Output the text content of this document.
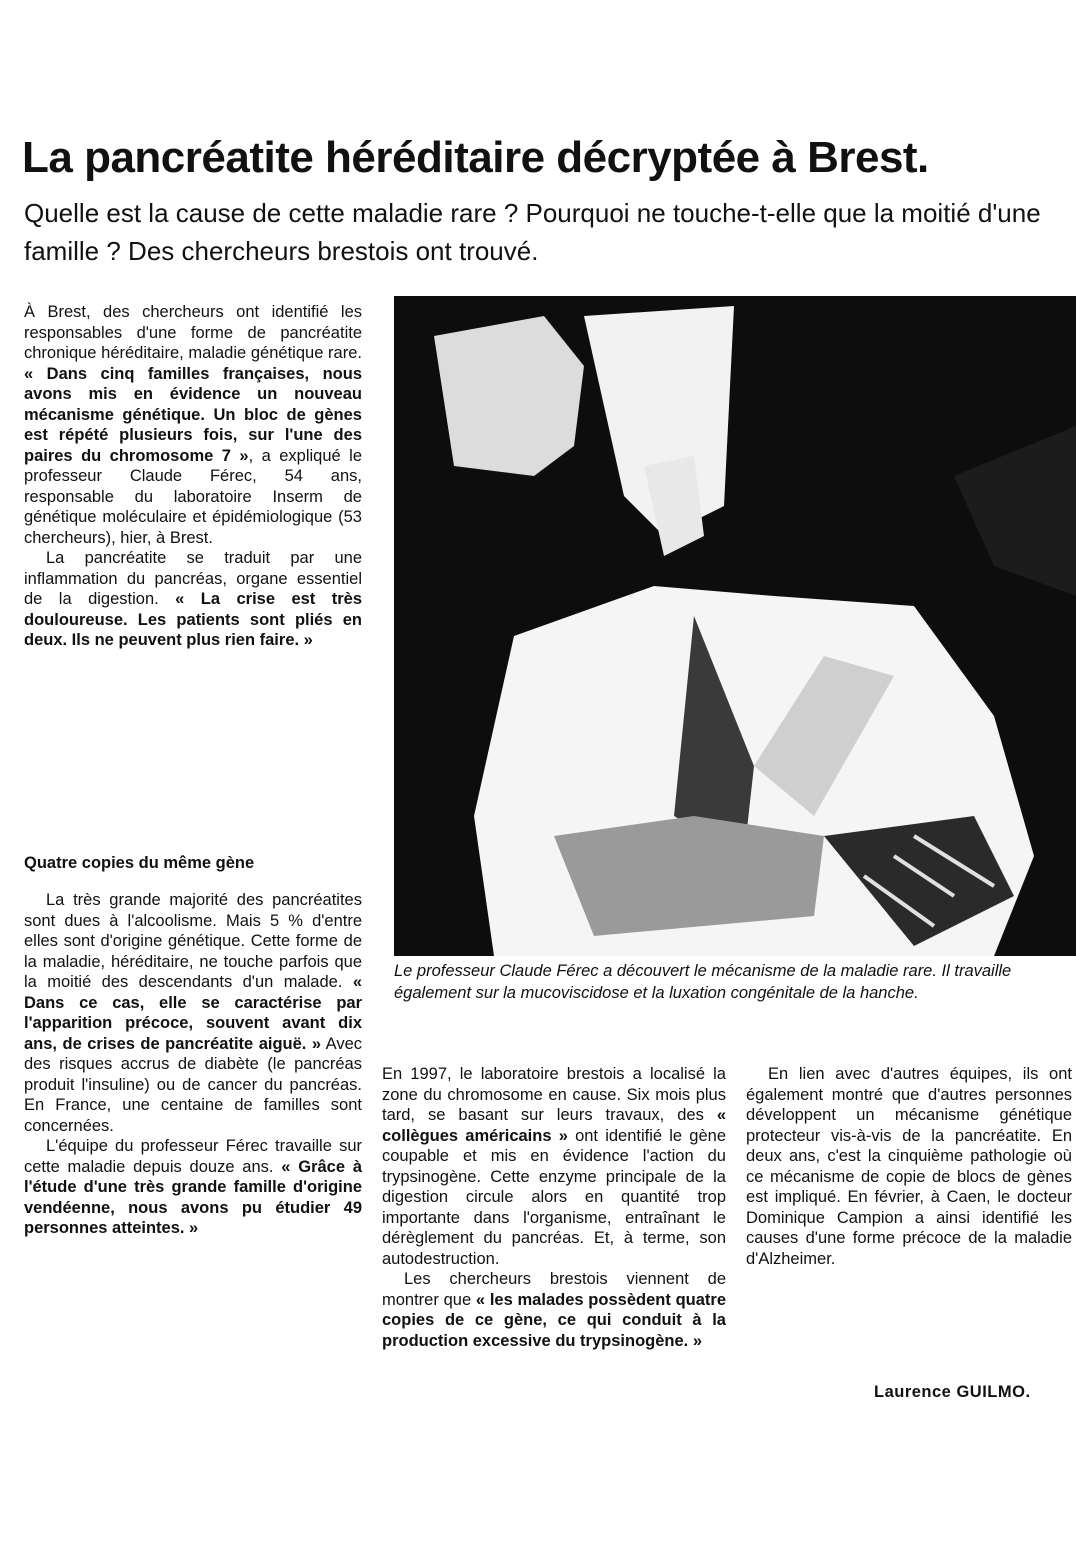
La pancréatite héréditaire décryptée à Brest.
Quelle est la cause de cette maladie rare ? Pourquoi ne touche-t-elle que la moitié d'une famille ? Des chercheurs brestois ont trouvé.

À Brest, des chercheurs ont identifié les responsables d'une forme de pancréatite chronique héréditaire, maladie génétique rare. « Dans cinq familles françaises, nous avons mis en évidence un nouveau mécanisme génétique. Un bloc de gènes est répété plusieurs fois, sur l'une des paires du chromosome 7 », a expliqué le professeur Claude Férec, 54 ans, responsable du laboratoire Inserm de génétique moléculaire et épidémiologique (53 chercheurs), hier, à Brest.

La pancréatite se traduit par une inflammation du pancréas, organe essentiel de la digestion. « La crise est très douloureuse. Les patients sont pliés en deux. Ils ne peuvent plus rien faire. »

Quatre copies du même gène

La très grande majorité des pancréatites sont dues à l'alcoolisme. Mais 5 % d'entre elles sont d'origine génétique. Cette forme de la maladie, héréditaire, ne touche parfois que la moitié des descendants d'un malade. « Dans ce cas, elle se caractérise par l'apparition précoce, souvent avant dix ans, de crises de pancréatite aiguë. » Avec des risques accrus de diabète (le pancréas produit l'insuline) ou de cancer du pancréas. En France, une centaine de familles sont concernées.

L'équipe du professeur Férec travaille sur cette maladie depuis douze ans. « Grâce à l'étude d'une très grande famille d'origine vendéenne, nous avons pu étudier 49 personnes atteintes. »

En 1997, le laboratoire brestois a localisé la zone du chromosome en cause. Six mois plus tard, se basant sur leurs travaux, des « collègues américains » ont identifié le gène coupable et mis en évidence l'action du trypsinogène. Cette enzyme principale de la digestion circule alors en quantité trop importante dans l'organisme, entraînant le dérèglement du pancréas. Et, à terme, son autodestruction.

Les chercheurs brestois viennent de montrer que « les malades possèdent quatre copies de ce gène, ce qui conduit à la production excessive du trypsinogène. »

En lien avec d'autres équipes, ils ont également montré que d'autres personnes développent un mécanisme génétique protecteur vis-à-vis de la pancréatite. En deux ans, c'est la cinquième pathologie où ce mécanisme de copie de blocs de gènes est impliqué. En février, à Caen, le docteur Dominique Campion a ainsi identifié les causes d'une forme précoce de la maladie d'Alzheimer.

Le professeur Claude Férec a découvert le mécanisme de la maladie rare. Il travaille également sur la mucoviscidose et la luxation congénitale de la hanche.
Laurence GUILMO.
